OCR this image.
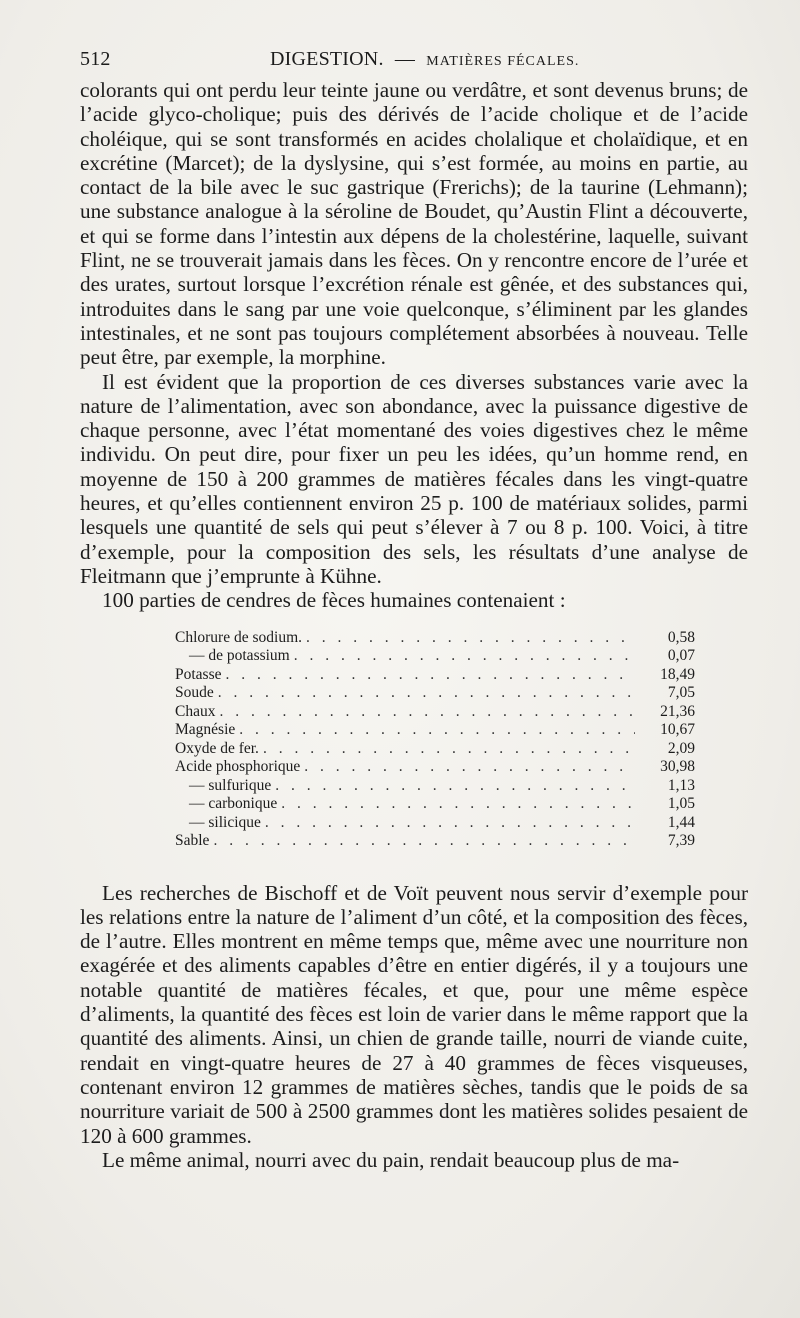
512	DIGESTION. — MATIÈRES FÉCALES.

colorants qui ont perdu leur teinte jaune ou verdâtre, et sont devenus bruns; de l’acide glyco-cholique; puis des dérivés de l’acide cholique et de l’acide choléique, qui se sont transformés en acides cholalique et cholaïdique, et en excrétine (Marcet); de la dyslysine, qui s’est formée, au moins en partie, au contact de la bile avec le suc gastrique (Frerichs); de la taurine (Lehmann); une substance analogue à la séroline de Boudet, qu’Austin Flint a découverte, et qui se forme dans l’intestin aux dépens de la cholestérine, laquelle, suivant Flint, ne se trouverait jamais dans les fèces. On y rencontre encore de l’urée et des urates, surtout lorsque l’excrétion rénale est gênée, et des substances qui, introduites dans le sang par une voie quelconque, s’éliminent par les glandes intestinales, et ne sont pas toujours complétement absorbées à nouveau. Telle peut être, par exemple, la morphine.

Il est évident que la proportion de ces diverses substances varie avec la nature de l’alimentation, avec son abondance, avec la puissance digestive de chaque personne, avec l’état momentané des voies digestives chez le même individu. On peut dire, pour fixer un peu les idées, qu’un homme rend, en moyenne de 150 à 200 grammes de matières fécales dans les vingt-quatre heures, et qu’elles contiennent environ 25 p. 100 de matériaux solides, parmi lesquels une quantité de sels qui peut s’élever à 7 ou 8 p. 100. Voici, à titre d’exemple, pour la composition des sels, les résultats d’une analyse de Fleitmann que j’emprunte à Kühne.

100 parties de cendres de fèces humaines contenaient :

Chlorure de sodium. . . .	0,58
— de potassium . . .	0,07
Potasse . . .	18,49
Soude . . .	7,05
Chaux . . .	21,36
Magnésie . . .	10,67
Oxyde de fer. . . .	2,09
Acide phosphorique . . .	30,98
— sulfurique . . .	1,13
— carbonique . . .	1,05
— silicique . . .	1,44
Sable . . .	7,39

Les recherches de Bischoff et de Voït peuvent nous servir d’exemple pour les relations entre la nature de l’aliment d’un côté, et la composition des fèces, de l’autre. Elles montrent en même temps que, même avec une nourriture non exagérée et des aliments capables d’être en entier digérés, il y a toujours une notable quantité de matières fécales, et que, pour une même espèce d’aliments, la quantité des fèces est loin de varier dans le même rapport que la quantité des aliments. Ainsi, un chien de grande taille, nourri de viande cuite, rendait en vingt-quatre heures de 27 à 40 grammes de fèces visqueuses, contenant environ 12 grammes de matières sèches, tandis que le poids de sa nourriture variait de 500 à 2500 grammes dont les matières solides pesaient de 120 à 600 grammes.

Le même animal, nourri avec du pain, rendait beaucoup plus de ma-
